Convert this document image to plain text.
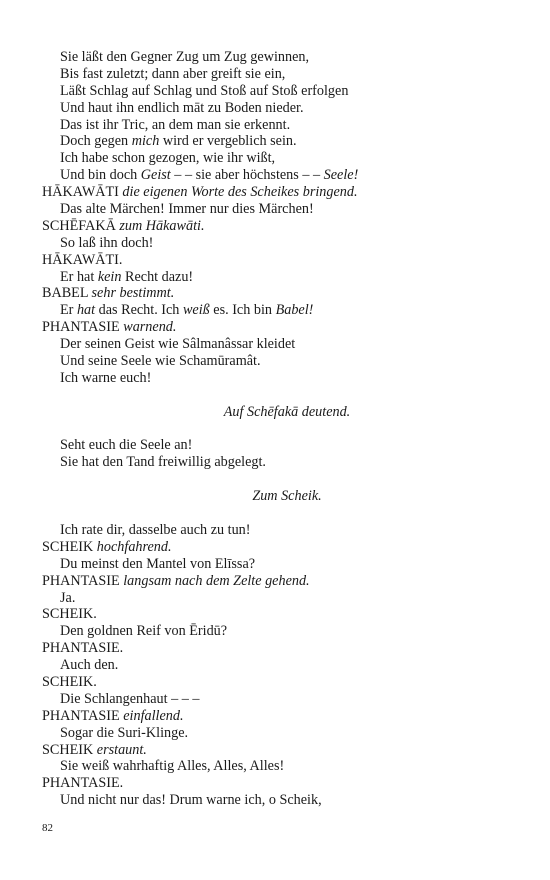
Sie läßt den Gegner Zug um Zug gewinnen,
Bis fast zuletzt; dann aber greift sie ein,
Läßt Schlag auf Schlag und Stoß auf Stoß erfolgen
Und haut ihn endlich māt zu Boden nieder.
Das ist ihr Tric, an dem man sie erkennt.
Doch gegen mich wird er vergeblich sein.
Ich habe schon gezogen, wie ihr wißt,
Und bin doch Geist – – sie aber höchstens – – Seele!
HĀKAWĀTI die eigenen Worte des Scheikes bringend.
Das alte Märchen! Immer nur dies Märchen!
SCHĒFAKĀ zum Hākawāti.
So laß ihn doch!
HĀKAWĀTI.
Er hat kein Recht dazu!
BABEL sehr bestimmt.
Er hat das Recht. Ich weiß es. Ich bin Babel!
PHANTASIE warnend.
Der seinen Geist wie Sâlmanâssar kleidet
Und seine Seele wie Schamūramât.
Ich warne euch!
Auf Schēfakā deutend.
Seht euch die Seele an!
Sie hat den Tand freiwillig abgelegt.
Zum Scheik.
Ich rate dir, dasselbe auch zu tun!
SCHEIK hochfahrend.
Du meinst den Mantel von Elīssa?
PHANTASIE langsam nach dem Zelte gehend.
Ja.
SCHEIK.
Den goldnen Reif von Ēridū?
PHANTASIE.
Auch den.
SCHEIK.
Die Schlangenhaut – – –
PHANTASIE einfallend.
Sogar die Suri-Klinge.
SCHEIK erstaunt.
Sie weiß wahrhaftig Alles, Alles, Alles!
PHANTASIE.
Und nicht nur das! Drum warne ich, o Scheik,
82
